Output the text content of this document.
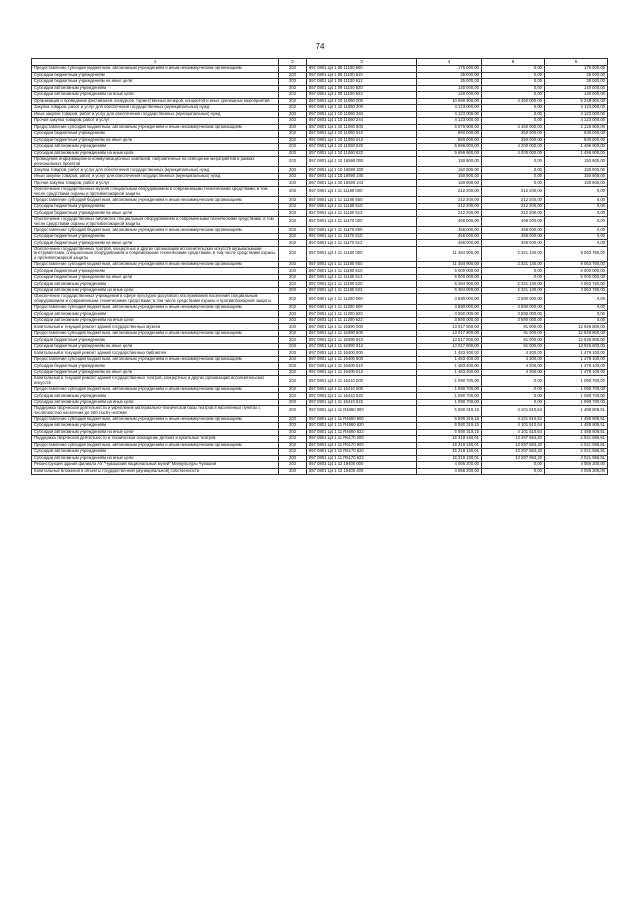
74
1	2	3	4	5	6
Предоставление субсидий бюджетным, автономным учреждениям и иным некоммерческим организациям	203	857 0801 Ц4 1 09 11100 600	175 000,00	0,00	175 000,00
Субсидии бюджетным учреждениям	203	857 0801 Ц4 1 09 11100 610	35 000,00	0,00	35 000,00
Субсидии бюджетным учреждениям на иные цели	203	857 0801 Ц4 1 09 11100 612	35 000,00	0,00	35 000,00
Субсидии автономным учреждениям	203	857 0801 Ц4 1 09 11100 620	140 000,00	0,00	140 000,00
Субсидии автономным учреждениям на иные цели	203	857 0801 Ц4 1 09 11100 622	140 000,00	0,00	140 000,00
Организация и проведение фестивалей, конкурсов, торжественных вечеров, концертов и иных зрелищных мероприятий	203	857 0801 Ц4 1 10 11060 000	10 699 900,00	4 450 000,00	6 249 900,00
Закупка товаров, работ и услуг для обеспечения государственных (муниципальных) нужд	203	857 0801 Ц4 1 10 11060 200	4 123 000,00	0,00	4 123 000,00
Иные закупки товаров, работ и услуг для обеспечения государственных (муниципальных) нужд	203	857 0801 Ц4 1 10 11060 240	4 123 000,00	0,00	4 123 000,00
Прочая закупка товаров, работ и услуг	203	857 0801 Ц4 1 10 11060 244	4 123 000,00	0,00	4 123 000,00
Предоставление субсидий бюджетным, автономным учреждениям и иным некоммерческим организациям	203	857 0801 Ц4 1 10 11060 600	6 576 900,00	4 450 000,00	2 126 900,00
Субсидии бюджетным учреждениям	203	857 0801 Ц4 1 10 11060 610	880 000,00	250 000,00	630 000,00
Субсидии бюджетным учреждениям на иные цели	203	857 0801 Ц4 1 10 11060 612	880 000,00	250 000,00	630 000,00
Субсидии автономным учреждениям	203	857 0801 Ц4 1 10 11060 620	5 696 900,00	4 200 000,00	1 496 900,00
Субсидии автономным учреждениям на иные цели	203	857 0801 Ц4 1 10 11060 622	5 696 900,00	4 200 000,00	1 496 900,00
Проведение информационно-коммуникационных кампаний, направленных на освещение мероприятий в рамках региональных проектов	203	857 0801 Ц4 1 10 16590 000	150 900,00	0,00	150 900,00
Закупка товаров, работ и услуг для обеспечения государственных (муниципальных) нужд	203	857 0801 Ц4 1 10 16590 200	150 900,00	0,00	150 900,00
Иные закупки товаров, работ и услуг для обеспечения государственных (муниципальных) нужд	203	857 0801 Ц4 1 10 16590 240	150 900,00	0,00	150 900,00
Прочая закупка товаров, работ и услуг	203	857 0801 Ц4 1 10 16590 244	150 900,00	0,00	150 900,00
Обеспечение государственных музеев специальным оборудованием и современными техническими средствами, в том числе средствами охраны и противопожарной защиты	203	857 0801 Ц4 1 11 11160 000	212 200,00	212 200,00	0,00
Предоставление субсидий бюджетным, автономным учреждениям и иным некоммерческим организациям	203	857 0801 Ц4 1 11 11160 600	212 200,00	212 200,00	0,00
Субсидии бюджетным учреждениям	203	857 0801 Ц4 1 11 11160 610	212 200,00	212 200,00	0,00
Субсидии бюджетным учреждениям на иные цели	203	857 0801 Ц4 1 11 11160 612	212 200,00	212 200,00	0,00
Обеспечение государственных библиотек специальным оборудованием и современными техническими средствами, в том числе средствами охраны и противопожарной защиты	203	857 0801 Ц4 1 11 11170 000	456 000,00	456 000,00	0,00
Предоставление субсидий бюджетным, автономным учреждениям и иным некоммерческим организациям	203	857 0801 Ц4 1 11 11170 600	456 000,00	456 000,00	0,00
Субсидии бюджетным учреждениям	203	857 0801 Ц4 1 11 11170 610	456 000,00	456 000,00	0,00
Субсидии бюджетным учреждениям на иные цели	203	857 0801 Ц4 1 11 11170 612	456 000,00	456 000,00	0,00
Обеспечение государственных театров, концертных и других организаций исполнительских искусств музыкальными инструментами, специальным оборудованием и современными техническими средствами, в том числе средствами охраны и противопожарной защиты	203	857 0801 Ц4 1 11 11180 000	11 384 900,00	2 321 140,00	9 063 760,00
Предоставление субсидий бюджетным, автономным учреждениям и иным некоммерческим организациям	203	857 0801 Ц4 1 11 11180 600	11 384 900,00	2 321 140,00	9 063 760,00
Субсидии бюджетным учреждениям	203	857 0801 Ц4 1 11 11180 610	5 000 000,00	0,00	5 000 000,00
Субсидии бюджетным учреждениям на иные цели	203	857 0801 Ц4 1 11 11180 612	5 000 000,00	0,00	5 000 000,00
Субсидии автономным учреждениям	203	857 0801 Ц4 1 11 11180 620	6 384 900,00	2 321 140,00	4 063 760,00
Субсидии автономным учреждениям на иные цели	203	857 0801 Ц4 1 11 11180 622	6 384 900,00	2 321 140,00	4 063 760,00
Обеспечение государственных учреждений в сфере культурно-досугового обслуживания населения специальным оборудованием и современными техническими средствами, в том числе средствами охраны и противопожарной защиты	203	857 0801 Ц4 1 11 11200 000	3 590 000,00	3 590 000,00	0,00
Предоставление субсидий бюджетным, автономным учреждениям и иным некоммерческим организациям	203	857 0801 Ц4 1 11 11200 600	3 590 000,00	3 590 000,00	0,00
Субсидии автономным учреждениям	203	857 0801 Ц4 1 11 11200 620	3 590 000,00	3 590 000,00	0,00
Субсидии автономным учреждениям на иные цели	203	857 0801 Ц4 1 11 11200 622	3 590 000,00	3 590 000,00	0,00
Капитальный и текущий ремонт зданий государственных музеев	203	857 0801 Ц4 1 11 16390 000	13 017 800,00	91 000,00	12 926 800,00
Предоставление субсидий бюджетным, автономным учреждениям и иным некоммерческим организациям	203	857 0801 Ц4 1 11 16390 600	13 017 800,00	91 000,00	12 926 800,00
Субсидии бюджетным учреждениям	203	857 0801 Ц4 1 11 16390 610	13 017 800,00	91 000,00	12 926 800,00
Субсидии бюджетным учреждениям на иные цели	203	857 0801 Ц4 1 11 16390 612	13 017 800,00	91 000,00	12 926 800,00
Капитальный и текущий ремонт зданий государственных библиотек	203	857 0801 Ц4 1 11 16400 000	1 483 400,00	4 300,00	1 479 100,00
Предоставление субсидий бюджетным, автономным учреждениям и иным некоммерческим организациям	203	857 0801 Ц4 1 11 16400 600	1 483 400,00	4 300,00	1 479 100,00
Субсидии бюджетным учреждениям	203	857 0801 Ц4 1 11 16400 610	1 483 400,00	4 300,00	1 479 100,00
Субсидии бюджетным учреждениям на иные цели	203	857 0801 Ц4 1 11 16400 612	1 483 400,00	4 300,00	1 479 100,00
Капитальный и текущий ремонт зданий государственных театров, концертных и других организаций исполнительских искусств	203	857 0801 Ц4 1 11 16410 000	1 090 700,00	0,00	1 090 700,00
Предоставление субсидий бюджетным, автономным учреждениям и иным некоммерческим организациям	203	857 0801 Ц4 1 11 16410 600	1 090 700,00	0,00	1 090 700,00
Субсидии автономным учреждениям	203	857 0801 Ц4 1 11 16410 620	1 090 700,00	0,00	1 090 700,00
Субсидии автономным учреждениям на иные цели	203	857 0801 Ц4 1 11 16410 622	1 090 700,00	0,00	1 090 700,00
Поддержка творческой деятельности и укрепление материально-технической базы театров в населенных пунктах с численностью населения до 300 тысяч человек	203	857 0801 Ц4 1 11 R4660 000	5 590 319,15	4 101 510,64	1 488 808,51
Предоставление субсидий бюджетным, автономным учреждениям и иным некоммерческим организациям	203	857 0801 Ц4 1 11 R4660 600	5 590 319,15	4 101 510,64	1 488 808,51
Субсидии автономным учреждениям	203	857 0801 Ц4 1 11 R4660 620	5 590 319,15	4 101 510,64	1 488 808,51
Субсидии автономным учреждениям на иные цели	203	857 0801 Ц4 1 11 R4660 622	5 590 319,15	4 101 510,64	1 488 808,51
Поддержка творческой деятельности и техническое оснащение детских и кукольных театров	203	857 0801 Ц4 1 11 R5170 000	15 319 150,01	13 297 553,20	2 021 596,81
Предоставление субсидий бюджетным, автономным учреждениям и иным некоммерческим организациям	203	857 0801 Ц4 1 11 R5170 600	15 319 150,01	13 297 553,20	2 021 596,81
Субсидии автономным учреждениям	203	857 0801 Ц4 1 11 R5170 620	15 319 150,01	13 297 553,20	2 021 596,81
Субсидии автономным учреждениям на иные цели	203	857 0801 Ц4 1 11 R5170 622	15 319 150,01	13 297 553,20	2 021 596,81
Реконструкция здания филиала АУ "Чувашский национальный музей" Минкультуры Чувашии	203	857 0801 Ц4 1 12 19400 000	4 056 200,00	0,00	4 056 200,00
Капитальные вложения в объекты государственной (муниципальной) собственности	203	857 0801 Ц4 1 12 19400 400	4 056 200,00	0,00	4 056 200,00
